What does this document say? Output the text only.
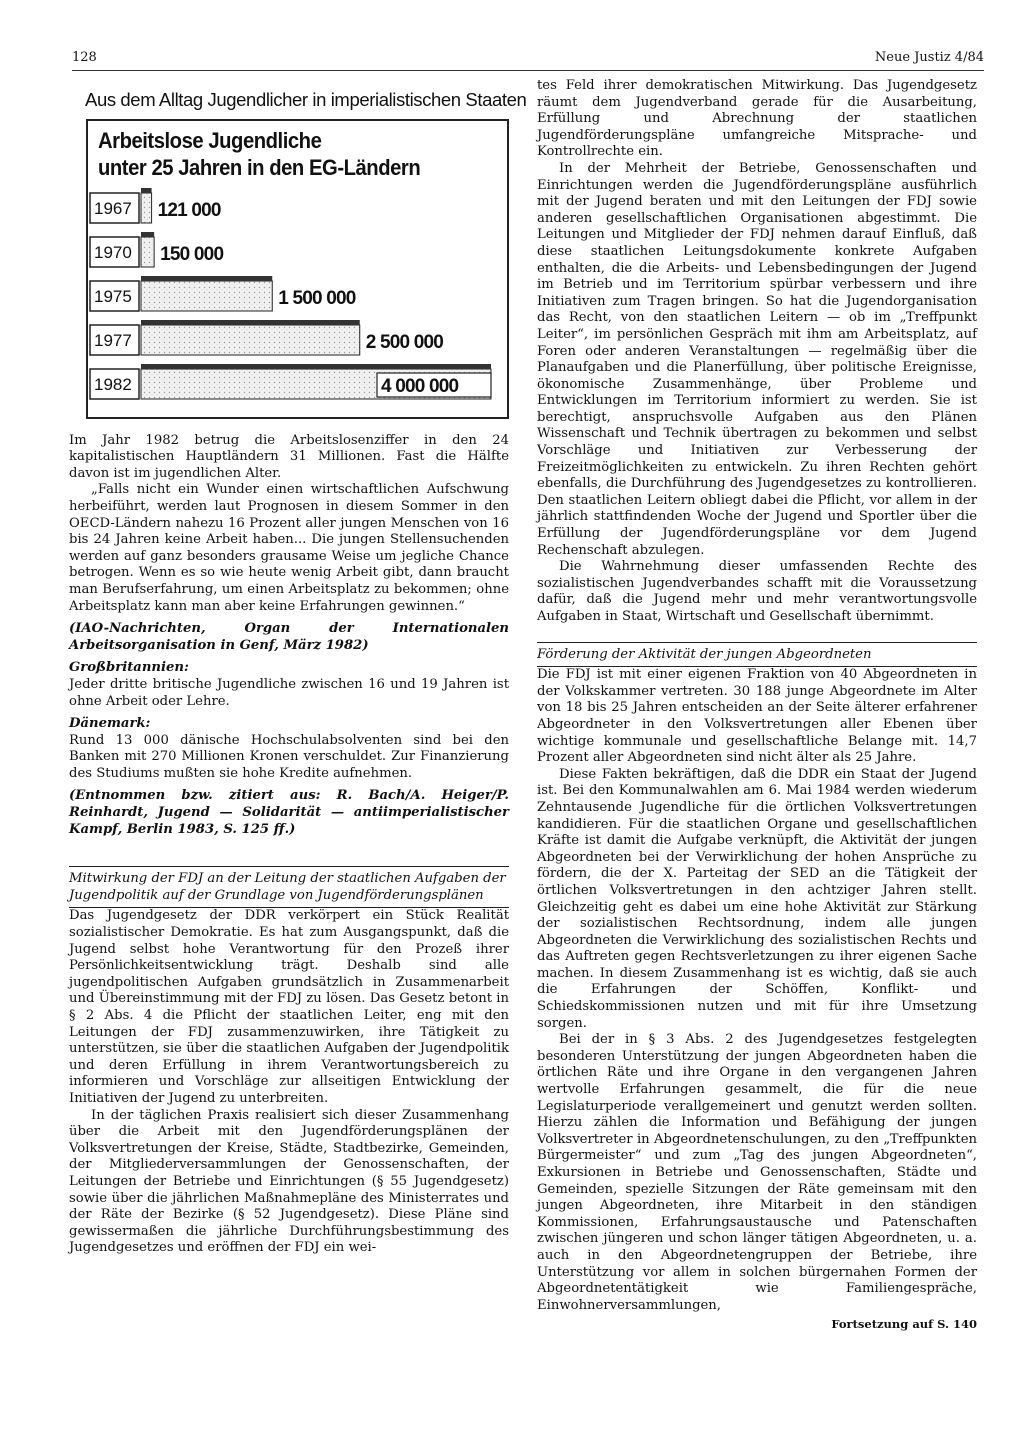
128	Neue Justiz 4/84
Aus dem Alltag Jugendlicher in imperialistischen Staaten
Arbeitslose Jugendliche
unter 25 Jahren in den EG-Ländern
1967 121 000
1970 150 000
1975	1 500 000
1977	2 500 000
1982	4 000 000

Im Jahr 1982 betrug die Arbeitslosenziffer in den 24 kapitalistischen Hauptländern 31 Millionen. Fast die Hälfte davon ist im jugendlichen Alter.

„Falls nicht ein Wunder einen wirtschaftlichen Aufschwung herbeiführt, werden laut Prognosen in diesem Sommer in den OECD-Ländern nahezu 16 Prozent aller jungen Menschen von 16 bis 24 Jahren keine Arbeit haben... Die jungen Stellensuchenden werden auf ganz besonders grausame Weise um jegliche Chance betrogen. Wenn es so wie heute wenig Arbeit gibt, dann braucht man Berufserfahrung, um einen Arbeitsplatz zu bekommen; ohne Arbeitsplatz kann man aber keine Erfahrungen gewinnen.“

(IAO-Nachrichten, Organ der Internationalen Arbeitsorganisation in Genf, März 1982)

Großbritannien:

Jeder dritte britische Jugendliche zwischen 16 und 19 Jahren ist ohne Arbeit oder Lehre.

Dänemark:

Rund 13 000 dänische Hochschulabsolventen sind bei den Banken mit 270 Millionen Kronen verschuldet. Zur Finanzierung des Studiums mußten sie hohe Kredite aufnehmen.

(Entnommen bzw. zitiert aus: R. Bach/A. Heiger/P. Reinhardt, Jugend — Solidarität — antiimperialistischer Kampf, Berlin 1983, S. 125 ff.)

Mitwirkung der FDJ an der Leitung der staatlichen Aufgaben der Jugendpolitik auf der Grundlage von Jugendförderungsplänen

Das Jugendgesetz der DDR verkörpert ein Stück Realität sozialistischer Demokratie. Es hat zum Ausgangspunkt, daß die Jugend selbst hohe Verantwortung für den Prozeß ihrer Persönlichkeitsentwicklung trägt. Deshalb sind alle jugendpolitischen Aufgaben grundsätzlich in Zusammenarbeit und Übereinstimmung mit der FDJ zu lösen. Das Gesetz betont in § 2 Abs. 4 die Pflicht der staatlichen Leiter, eng mit den Leitungen der FDJ zusammenzuwirken, ihre Tätigkeit zu unterstützen, sie über die staatlichen Aufgaben der Jugendpolitik und deren Erfüllung in ihrem Verantwortungsbereich zu informieren und Vorschläge zur allseitigen Entwicklung der Initiativen der Jugend zu unterbreiten.

In der täglichen Praxis realisiert sich dieser Zusammenhang über die Arbeit mit den Jugendförderungsplänen der Volksvertretungen der Kreise, Städte, Stadtbezirke, Gemeinden, der Mitgliederversammlungen der Genossenschaften, der Leitungen der Betriebe und Einrichtungen (§ 55 Jugendgesetz) sowie über die jährlichen Maßnahmepläne des Ministerrates und der Räte der Bezirke (§ 52 Jugendgesetz). Diese Pläne sind gewissermaßen die jährliche Durchführungsbestimmung des Jugendgesetzes und eröffnen der FDJ ein wei-

tes Feld ihrer demokratischen Mitwirkung. Das Jugendgesetz räumt dem Jugendverband gerade für die Ausarbeitung, Erfüllung und Abrechnung der staatlichen Jugendförderungspläne umfangreiche Mitsprache- und Kontrollrechte ein.

In der Mehrheit der Betriebe, Genossenschaften und Einrichtungen werden die Jugendförderungspläne ausführlich mit der Jugend beraten und mit den Leitungen der FDJ sowie anderen gesellschaftlichen Organisationen abgestimmt. Die Leitungen und Mitglieder der FDJ nehmen darauf Einfluß, daß diese staatlichen Leitungsdokumente konkrete Aufgaben enthalten, die die Arbeits- und Lebensbedingungen der Jugend im Betrieb und im Territorium spürbar verbessern und ihre Initiativen zum Tragen bringen. So hat die Jugendorganisation das Recht, von den staatlichen Leitern — ob im „Treffpunkt Leiter“, im persönlichen Gespräch mit ihm am Arbeitsplatz, auf Foren oder anderen Veranstaltungen — regelmäßig über die Planaufgaben und die Planerfüllung, über politische Ereignisse, ökonomische Zusammenhänge, über Probleme und Entwicklungen im Territorium informiert zu werden. Sie ist berechtigt, anspruchsvolle Aufgaben aus den Plänen Wissenschaft und Technik übertragen zu bekommen und selbst Vorschläge und Initiativen zur Verbesserung der Freizeitmöglichkeiten zu entwickeln. Zu ihren Rechten gehört ebenfalls, die Durchführung des Jugendgesetzes zu kontrollieren. Den staatlichen Leitern obliegt dabei die Pflicht, vor allem in der jährlich stattfindenden Woche der Jugend und Sportler über die Erfüllung der Jugendförderungspläne vor dem Jugend Rechenschaft abzulegen.

Die Wahrnehmung dieser umfassenden Rechte des sozialistischen Jugendverbandes schafft mit die Voraussetzung dafür, daß die Jugend mehr und mehr verantwortungsvolle Aufgaben in Staat, Wirtschaft und Gesellschaft übernimmt.

Förderung der Aktivität der jungen Abgeordneten

Die FDJ ist mit einer eigenen Fraktion von 40 Abgeordneten in der Volkskammer vertreten. 30 188 junge Abgeordnete im Alter von 18 bis 25 Jahren entscheiden an der Seite älterer erfahrener Abgeordneter in den Volksvertretungen aller Ebenen über wichtige kommunale und gesellschaftliche Belange mit. 14,7 Prozent aller Abgeordneten sind nicht älter als 25 Jahre.

Diese Fakten bekräftigen, daß die DDR ein Staat der Jugend ist. Bei den Kommunalwahlen am 6. Mai 1984 werden wiederum Zehntausende Jugendliche für die örtlichen Volksvertretungen kandidieren. Für die staatlichen Organe und gesellschaftlichen Kräfte ist damit die Aufgabe verknüpft, die Aktivität der jungen Abgeordneten bei der Verwirklichung der hohen Ansprüche zu fördern, die der X. Parteitag der SED an die Tätigkeit der örtlichen Volksvertretungen in den achtziger Jahren stellt. Gleichzeitig geht es dabei um eine hohe Aktivität zur Stärkung der sozialistischen Rechtsordnung, indem alle jungen Abgeordneten die Verwirklichung des sozialistischen Rechts und das Auftreten gegen Rechtsverletzungen zu ihrer eigenen Sache machen. In diesem Zusammenhang ist es wichtig, daß sie auch die Erfahrungen der Schöffen, Konflikt- und Schiedskommissionen nutzen und mit für ihre Umsetzung sorgen.

Bei der in § 3 Abs. 2 des Jugendgesetzes festgelegten besonderen Unterstützung der jungen Abgeordneten haben die örtlichen Räte und ihre Organe in den vergangenen Jahren wertvolle Erfahrungen gesammelt, die für die neue Legislaturperiode verallgemeinert und genutzt werden sollten. Hierzu zählen die Information und Befähigung der jungen Volksvertreter in Abgeordnetenschulungen, zu den „Treffpunkten Bürgermeister“ und zum „Tag des jungen Abgeordneten“, Exkursionen in Betriebe und Genossenschaften, Städte und Gemeinden, spezielle Sitzungen der Räte gemeinsam mit den jungen Abgeordneten, ihre Mitarbeit in den ständigen Kommissionen, Erfahrungsaustausche und Patenschaften zwischen jüngeren und schon länger tätigen Abgeordneten, u. a. auch in den Abgeordnetengruppen der Betriebe, ihre Unterstützung vor allem in solchen bürgernahen Formen der Abgeordnetentätigkeit wie Familiengespräche, Einwohnerversammlungen,

Fortsetzung auf S. 140
